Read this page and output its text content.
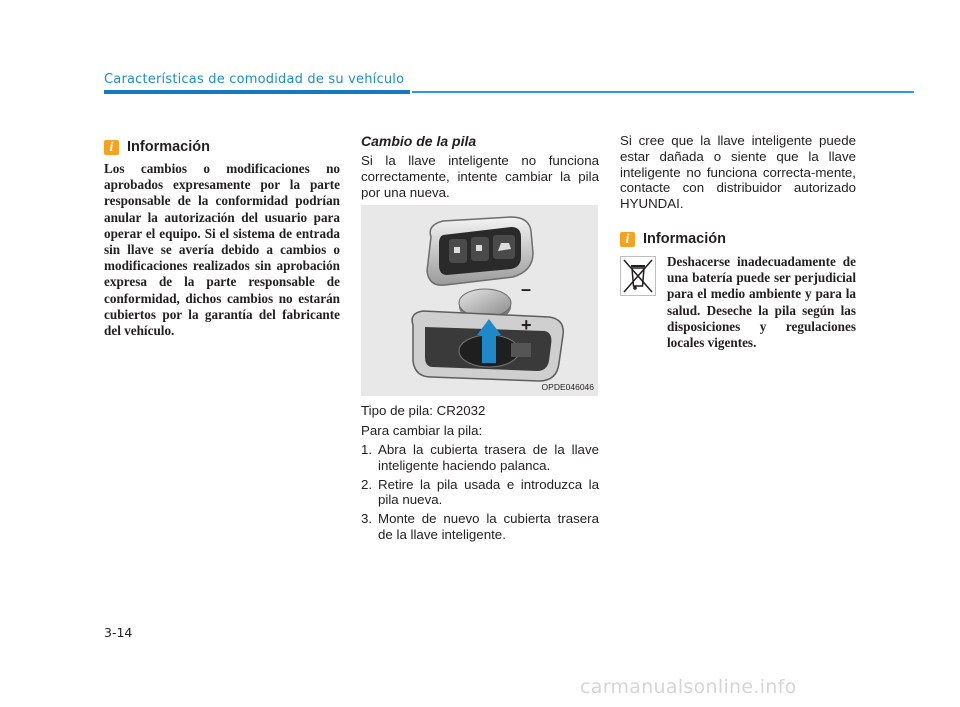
Características de comodidad de su vehículo
i Información

Los cambios o modificaciones no aprobados expresamente por la parte responsable de la conformidad podrían anular la autorización del usuario para operar el equipo. Si el sistema de entrada sin llave se avería debido a cambios o modificaciones realizados sin aprobación expresa de la parte responsable de conformidad, dichos cambios no estarán cubiertos por la garantía del fabricante del vehículo.

Cambio de la pila

Si la llave inteligente no funciona correctamente, intente cambiar la pila por una nueva.

–
+
OPDE046046

Tipo de pila: CR2032

Para cambiar la pila:

1. Abra la cubierta trasera de la llave inteligente haciendo palanca.
2. Retire la pila usada e introduzca la pila nueva.
3. Monte de nuevo la cubierta trasera de la llave inteligente.

Si cree que la llave inteligente puede estar dañada o siente que la llave inteligente no funciona correcta-mente, contacte con distribuidor autorizado HYUNDAI.

i Información

Deshacerse inadecuadamente de una batería puede ser perjudicial para el medio ambiente y para la salud. Deseche la pila según las disposiciones y regulaciones locales vigentes.

3-14
carmanualsonline.info
